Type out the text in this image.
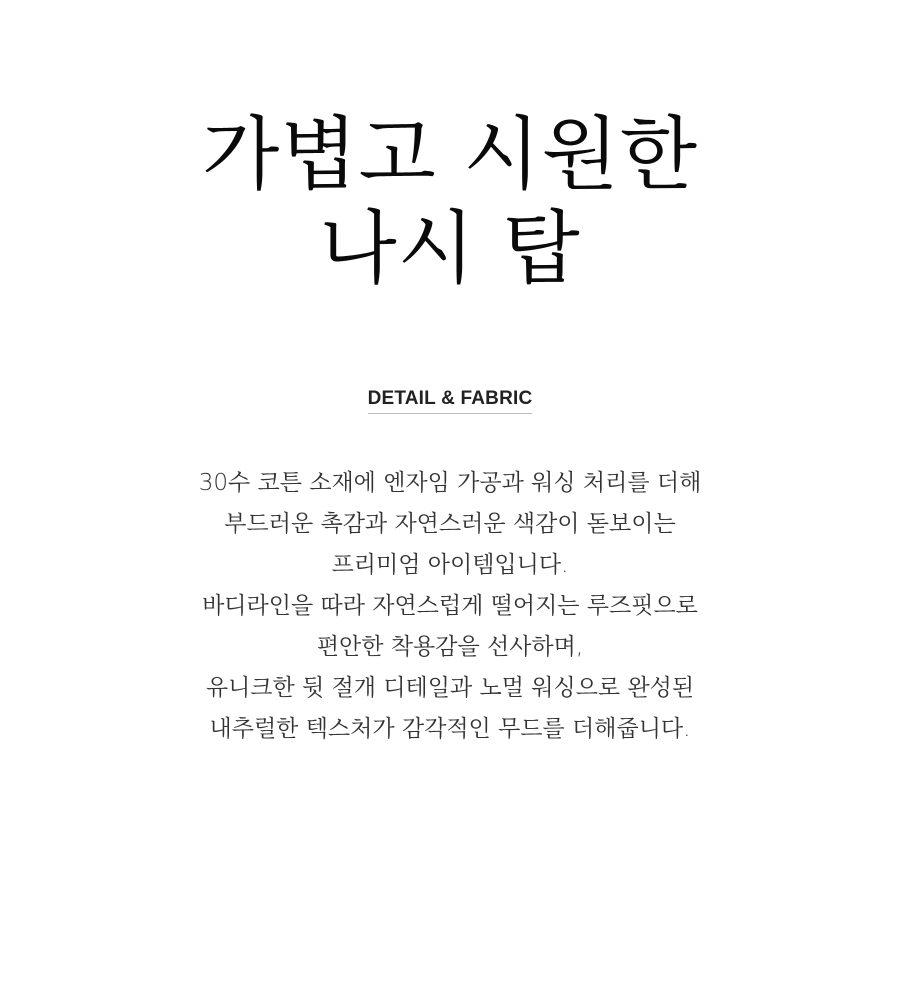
가볍고 시원한
나시 탑
DETAIL & FABRIC
30수 코튼 소재에 엔자임 가공과 워싱 처리를 더해
부드러운 촉감과 자연스러운 색감이 돋보이는
프리미엄 아이템입니다.
바디라인을 따라 자연스럽게 떨어지는 루즈핏으로
편안한 착용감을 선사하며,
유니크한 뒷 절개 디테일과 노멀 워싱으로 완성된
내추럴한 텍스처가 감각적인 무드를 더해줍니다.
